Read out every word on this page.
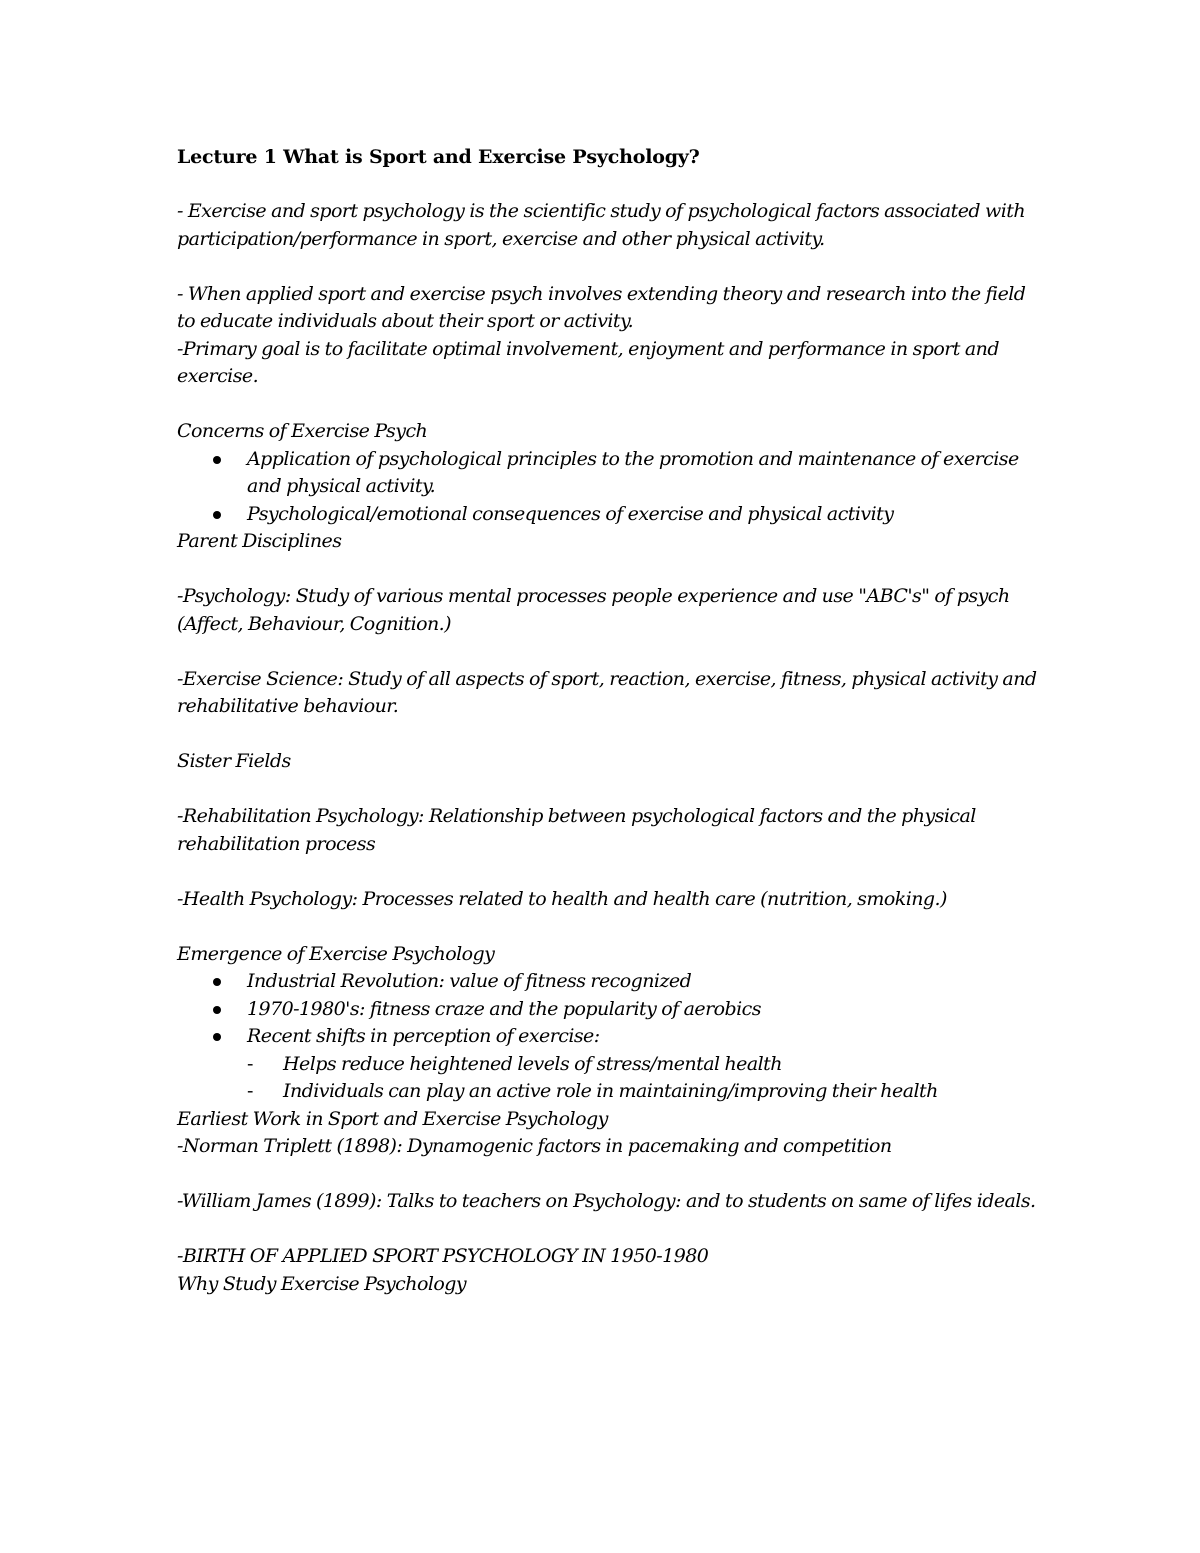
Lecture 1 What is Sport and Exercise Psychology?

- Exercise and sport psychology is the scientific study of psychological factors associated with participation/performance in sport, exercise and other physical activity.

- When applied sport and exercise psych involves extending theory and research into the field to educate individuals about their sport or activity.

-Primary goal is to facilitate optimal involvement, enjoyment and performance in sport and exercise.

Concerns of Exercise Psych

Application of psychological principles to the promotion and maintenance of exercise and physical activity.
Psychological/emotional consequences of exercise and physical activity

Parent Disciplines

-Psychology: Study of various mental processes people experience and use "ABC's" of psych (Affect, Behaviour, Cognition.)

-Exercise Science: Study of all aspects of sport, reaction, exercise, fitness, physical activity and rehabilitative behaviour.

Sister Fields

-Rehabilitation Psychology: Relationship between psychological factors and the physical rehabilitation process

-Health Psychology: Processes related to health and health care (nutrition, smoking.)

Emergence of Exercise Psychology

Industrial Revolution: value of fitness recognized
1970-1980's: fitness craze and the popularity of aerobics
Recent shifts in perception of exercise:
- Helps reduce heightened levels of stress/mental health
- Individuals can play an active role in maintaining/improving their health

Earliest Work in Sport and Exercise Psychology

-Norman Triplett (1898): Dynamogenic factors in pacemaking and competition

-William James (1899): Talks to teachers on Psychology: and to students on same of lifes ideals.

-BIRTH OF APPLIED SPORT PSYCHOLOGY IN 1950-1980

Why Study Exercise Psychology
